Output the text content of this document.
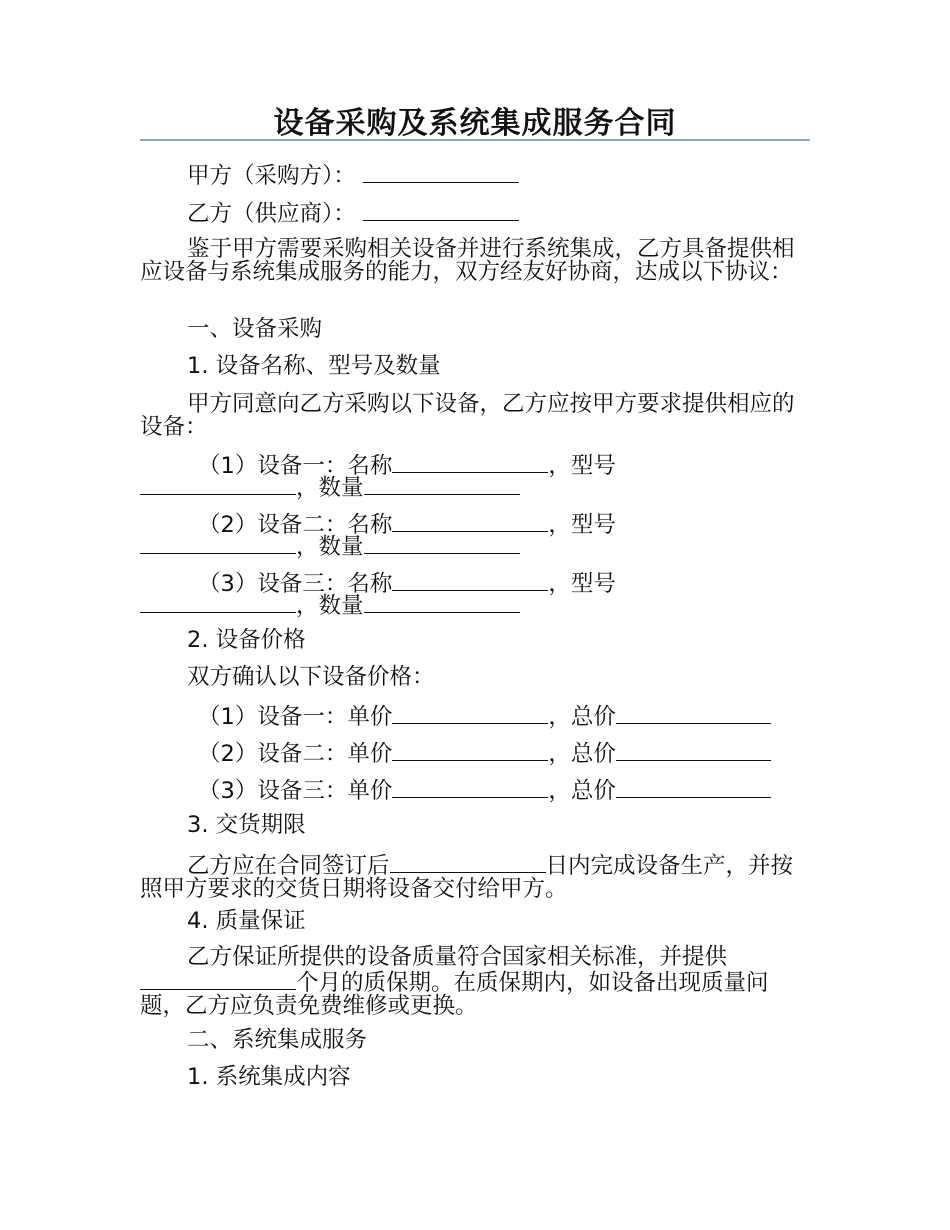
设备采购及系统集成服务合同

甲方（采购方）：

乙方（供应商）：

鉴于甲方需要采购相关设备并进行系统集成，乙方具备提供相应设备与系统集成服务的能力，双方经友好协商，达成以下协议：

一、设备采购

1. 设备名称、型号及数量

甲方同意向乙方采购以下设备，乙方应按甲方要求提供相应的设备：

（1）设备一：名称	，型号

，数量

（2）设备二：名称	，型号

，数量

（3）设备三：名称	，型号

，数量

2. 设备价格

双方确认以下设备价格：

（1）设备一：单价	，总价

（2）设备二：单价	，总价

（3）设备三：单价	，总价

3. 交货期限

乙方应在合同签订后	日内完成设备生产，并按照甲方要求的交货日期将设备交付给甲方。

4. 质量保证

乙方保证所提供的设备质量符合国家相关标准，并提供个月的质保期。在质保期内，如设备出现质量问题，乙方应负责免费维修或更换。

二、系统集成服务

1. 系统集成内容
